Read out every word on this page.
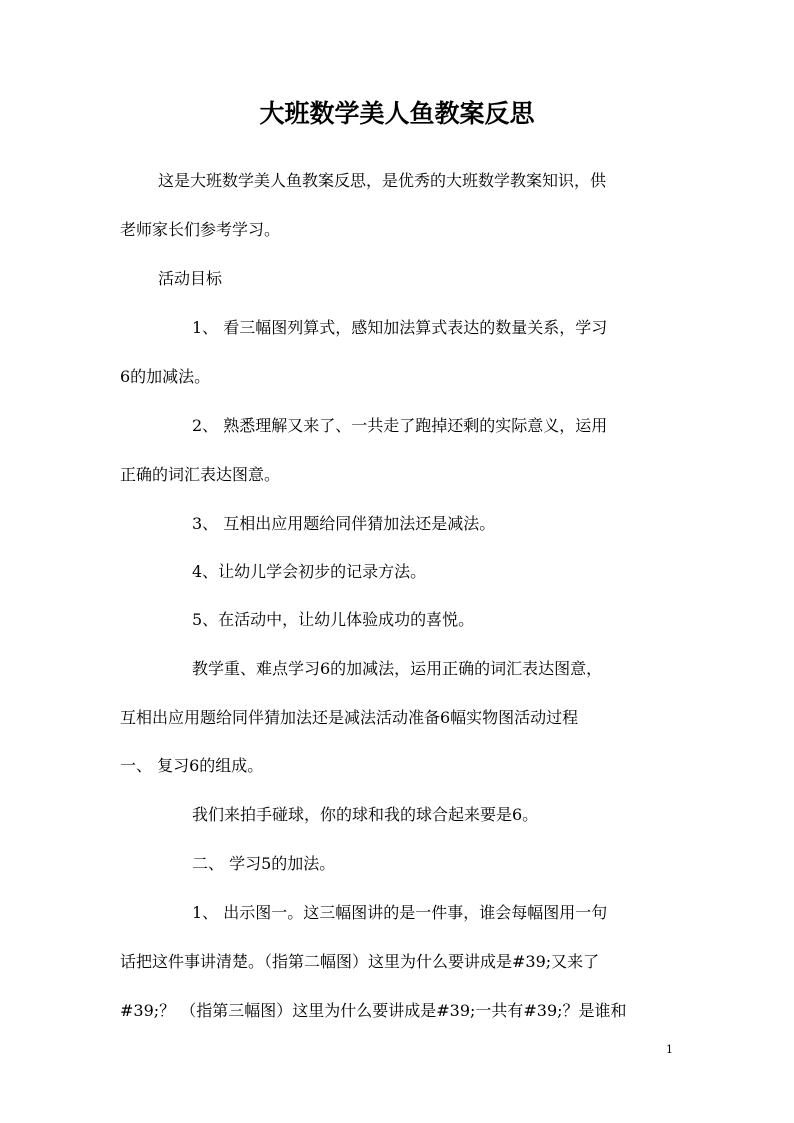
大班数学美人鱼教案反思
这是大班数学美人鱼教案反思，是优秀的大班数学教案知识，供
老师家长们参考学习。
活动目标
1、 看三幅图列算式，感知加法算式表达的数量关系，学习
6的加减法。
2、 熟悉理解又来了、一共走了跑掉还剩的实际意义，运用
正确的词汇表达图意。
3、 互相出应用题给同伴猜加法还是减法。
4、让幼儿学会初步的记录方法。
5、在活动中，让幼儿体验成功的喜悦。
教学重、难点学习6的加减法，运用正确的词汇表达图意，
互相出应用题给同伴猜加法还是减法活动准备6幅实物图活动过程
一、 复习6的组成。
我们来拍手碰球，你的球和我的球合起来要是6。
二、 学习5的加法。
1、 出示图一。这三幅图讲的是一件事，谁会每幅图用一句
话把这件事讲清楚。（指第二幅图）这里为什么要讲成是#39;又来了
#39;？ （指第三幅图）这里为什么要讲成是#39;一共有#39;？是谁和
1
